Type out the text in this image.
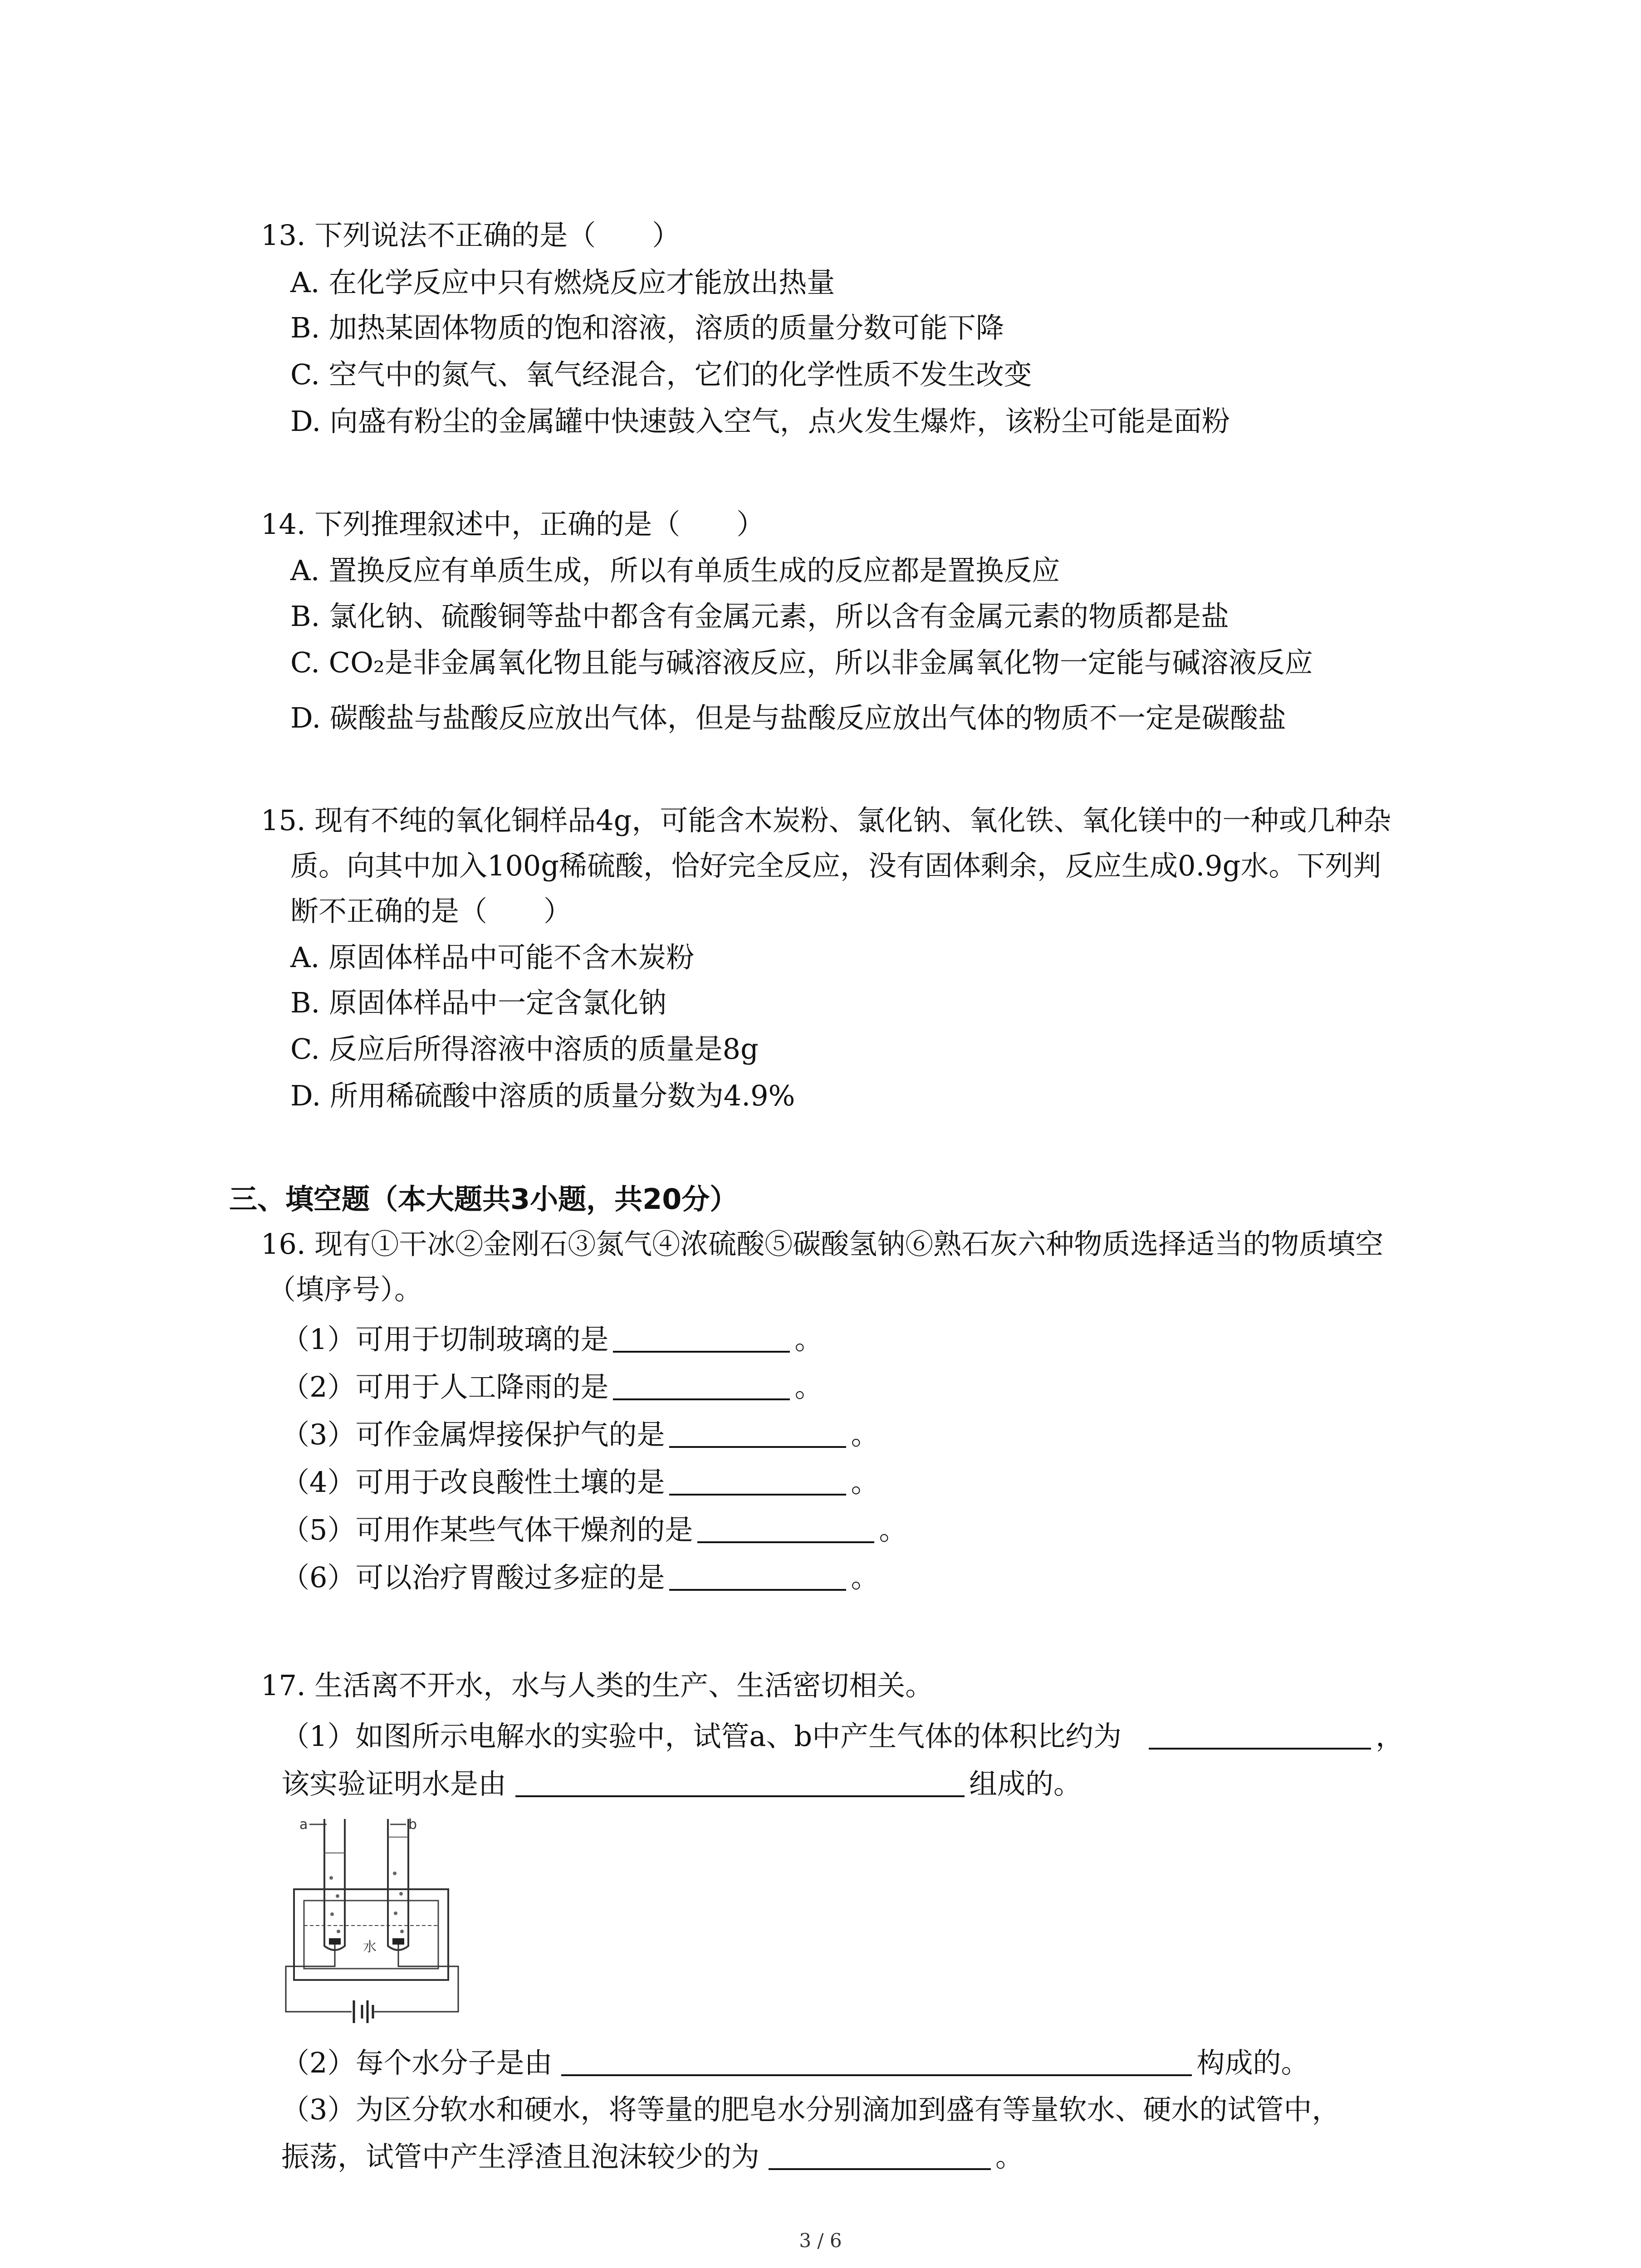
13. 下列说法不正确的是（　　）
A. 在化学反应中只有燃烧反应才能放出热量
B. 加热某固体物质的饱和溶液，溶质的质量分数可能下降
C. 空气中的氮气、氧气经混合，它们的化学性质不发生改变
D. 向盛有粉尘的金属罐中快速鼓入空气，点火发生爆炸，该粉尘可能是面粉
14. 下列推理叙述中，正确的是（　　）
A. 置换反应有单质生成，所以有单质生成的反应都是置换反应
B. 氯化钠、硫酸铜等盐中都含有金属元素，所以含有金属元素的物质都是盐
C. CO₂是非金属氧化物且能与碱溶液反应，所以非金属氧化物一定能与碱溶液反应
D. 碳酸盐与盐酸反应放出气体，但是与盐酸反应放出气体的物质不一定是碳酸盐
15. 现有不纯的氧化铜样品4g，可能含木炭粉、氯化钠、氧化铁、氧化镁中的一种或几种杂
质。向其中加入100g稀硫酸，恰好完全反应，没有固体剩余，反应生成0.9g水。下列判
断不正确的是（　　）
A. 原固体样品中可能不含木炭粉
B. 原固体样品中一定含氯化钠
C. 反应后所得溶液中溶质的质量是8g
D. 所用稀硫酸中溶质的质量分数为4.9%
三、填空题（本大题共3小题，共20分）
16. 现有①干冰②金刚石③氮气④浓硫酸⑤碳酸氢钠⑥熟石灰六种物质选择适当的物质填空
（填序号）。
（1）可用于切制玻璃的是	。
（2）可用于人工降雨的是	。
（3）可作金属焊接保护气的是	。
（4）可用于改良酸性土壤的是	。
（5）可用作某些气体干燥剂的是	。
（6）可以治疗胃酸过多症的是	。
17. 生活离不开水，水与人类的生产、生活密切相关。
（1）如图所示电解水的实验中，试管a、b中产生气体的体积比约为	，
该实验证明水是由	组成的。
a	b
水
（2）每个水分子是由	构成的。
（3）为区分软水和硬水，将等量的肥皂水分别滴加到盛有等量软水、硬水的试管中，
振荡，试管中产生浮渣且泡沫较少的为	。
3 / 6
